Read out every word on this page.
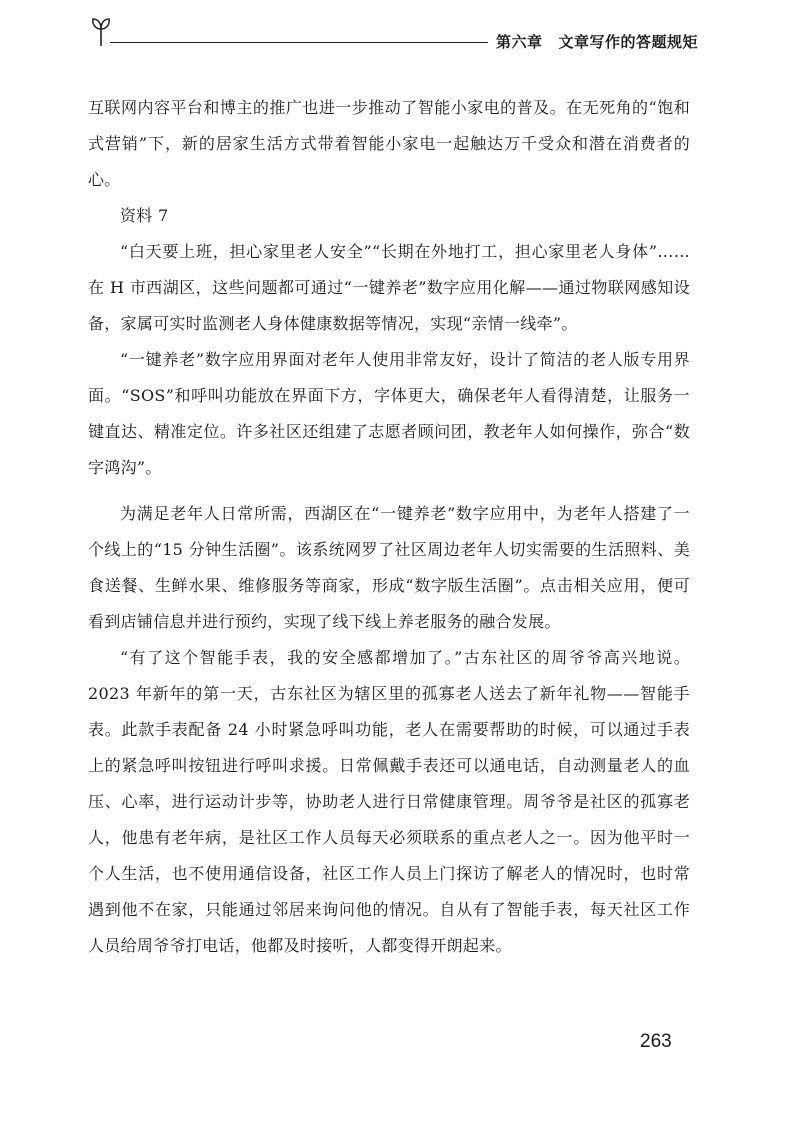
第六章 文章写作的答题规矩

互联网内容平台和博主的推广也进一步推动了智能小家电的普及。在无死角的“饱和式营销”下，新的居家生活方式带着智能小家电一起触达万千受众和潜在消费者的心。

资料 7

“白天要上班，担心家里老人安全”“长期在外地打工，担心家里老人身体”……在 H 市西湖区，这些问题都可通过“一键养老”数字应用化解——通过物联网感知设备，家属可实时监测老人身体健康数据等情况，实现“亲情一线牵”。

“一键养老”数字应用界面对老年人使用非常友好，设计了简洁的老人版专用界面。“SOS”和呼叫功能放在界面下方，字体更大，确保老年人看得清楚，让服务一键直达、精准定位。许多社区还组建了志愿者顾问团，教老年人如何操作，弥合“数字鸿沟”。

为满足老年人日常所需，西湖区在“一键养老”数字应用中，为老年人搭建了一个线上的“15 分钟生活圈”。该系统网罗了社区周边老年人切实需要的生活照料、美食送餐、生鲜水果、维修服务等商家，形成“数字版生活圈”。点击相关应用，便可看到店铺信息并进行预约，实现了线下线上养老服务的融合发展。

“有了这个智能手表，我的安全感都增加了。”古东社区的周爷爷高兴地说。2023 年新年的第一天，古东社区为辖区里的孤寡老人送去了新年礼物——智能手表。此款手表配备 24 小时紧急呼叫功能，老人在需要帮助的时候，可以通过手表上的紧急呼叫按钮进行呼叫求援。日常佩戴手表还可以通电话，自动测量老人的血压、心率，进行运动计步等，协助老人进行日常健康管理。周爷爷是社区的孤寡老人，他患有老年病，是社区工作人员每天必须联系的重点老人之一。因为他平时一个人生活，也不使用通信设备，社区工作人员上门探访了解老人的情况时，也时常遇到他不在家，只能通过邻居来询问他的情况。自从有了智能手表，每天社区工作人员给周爷爷打电话，他都及时接听，人都变得开朗起来。

263
